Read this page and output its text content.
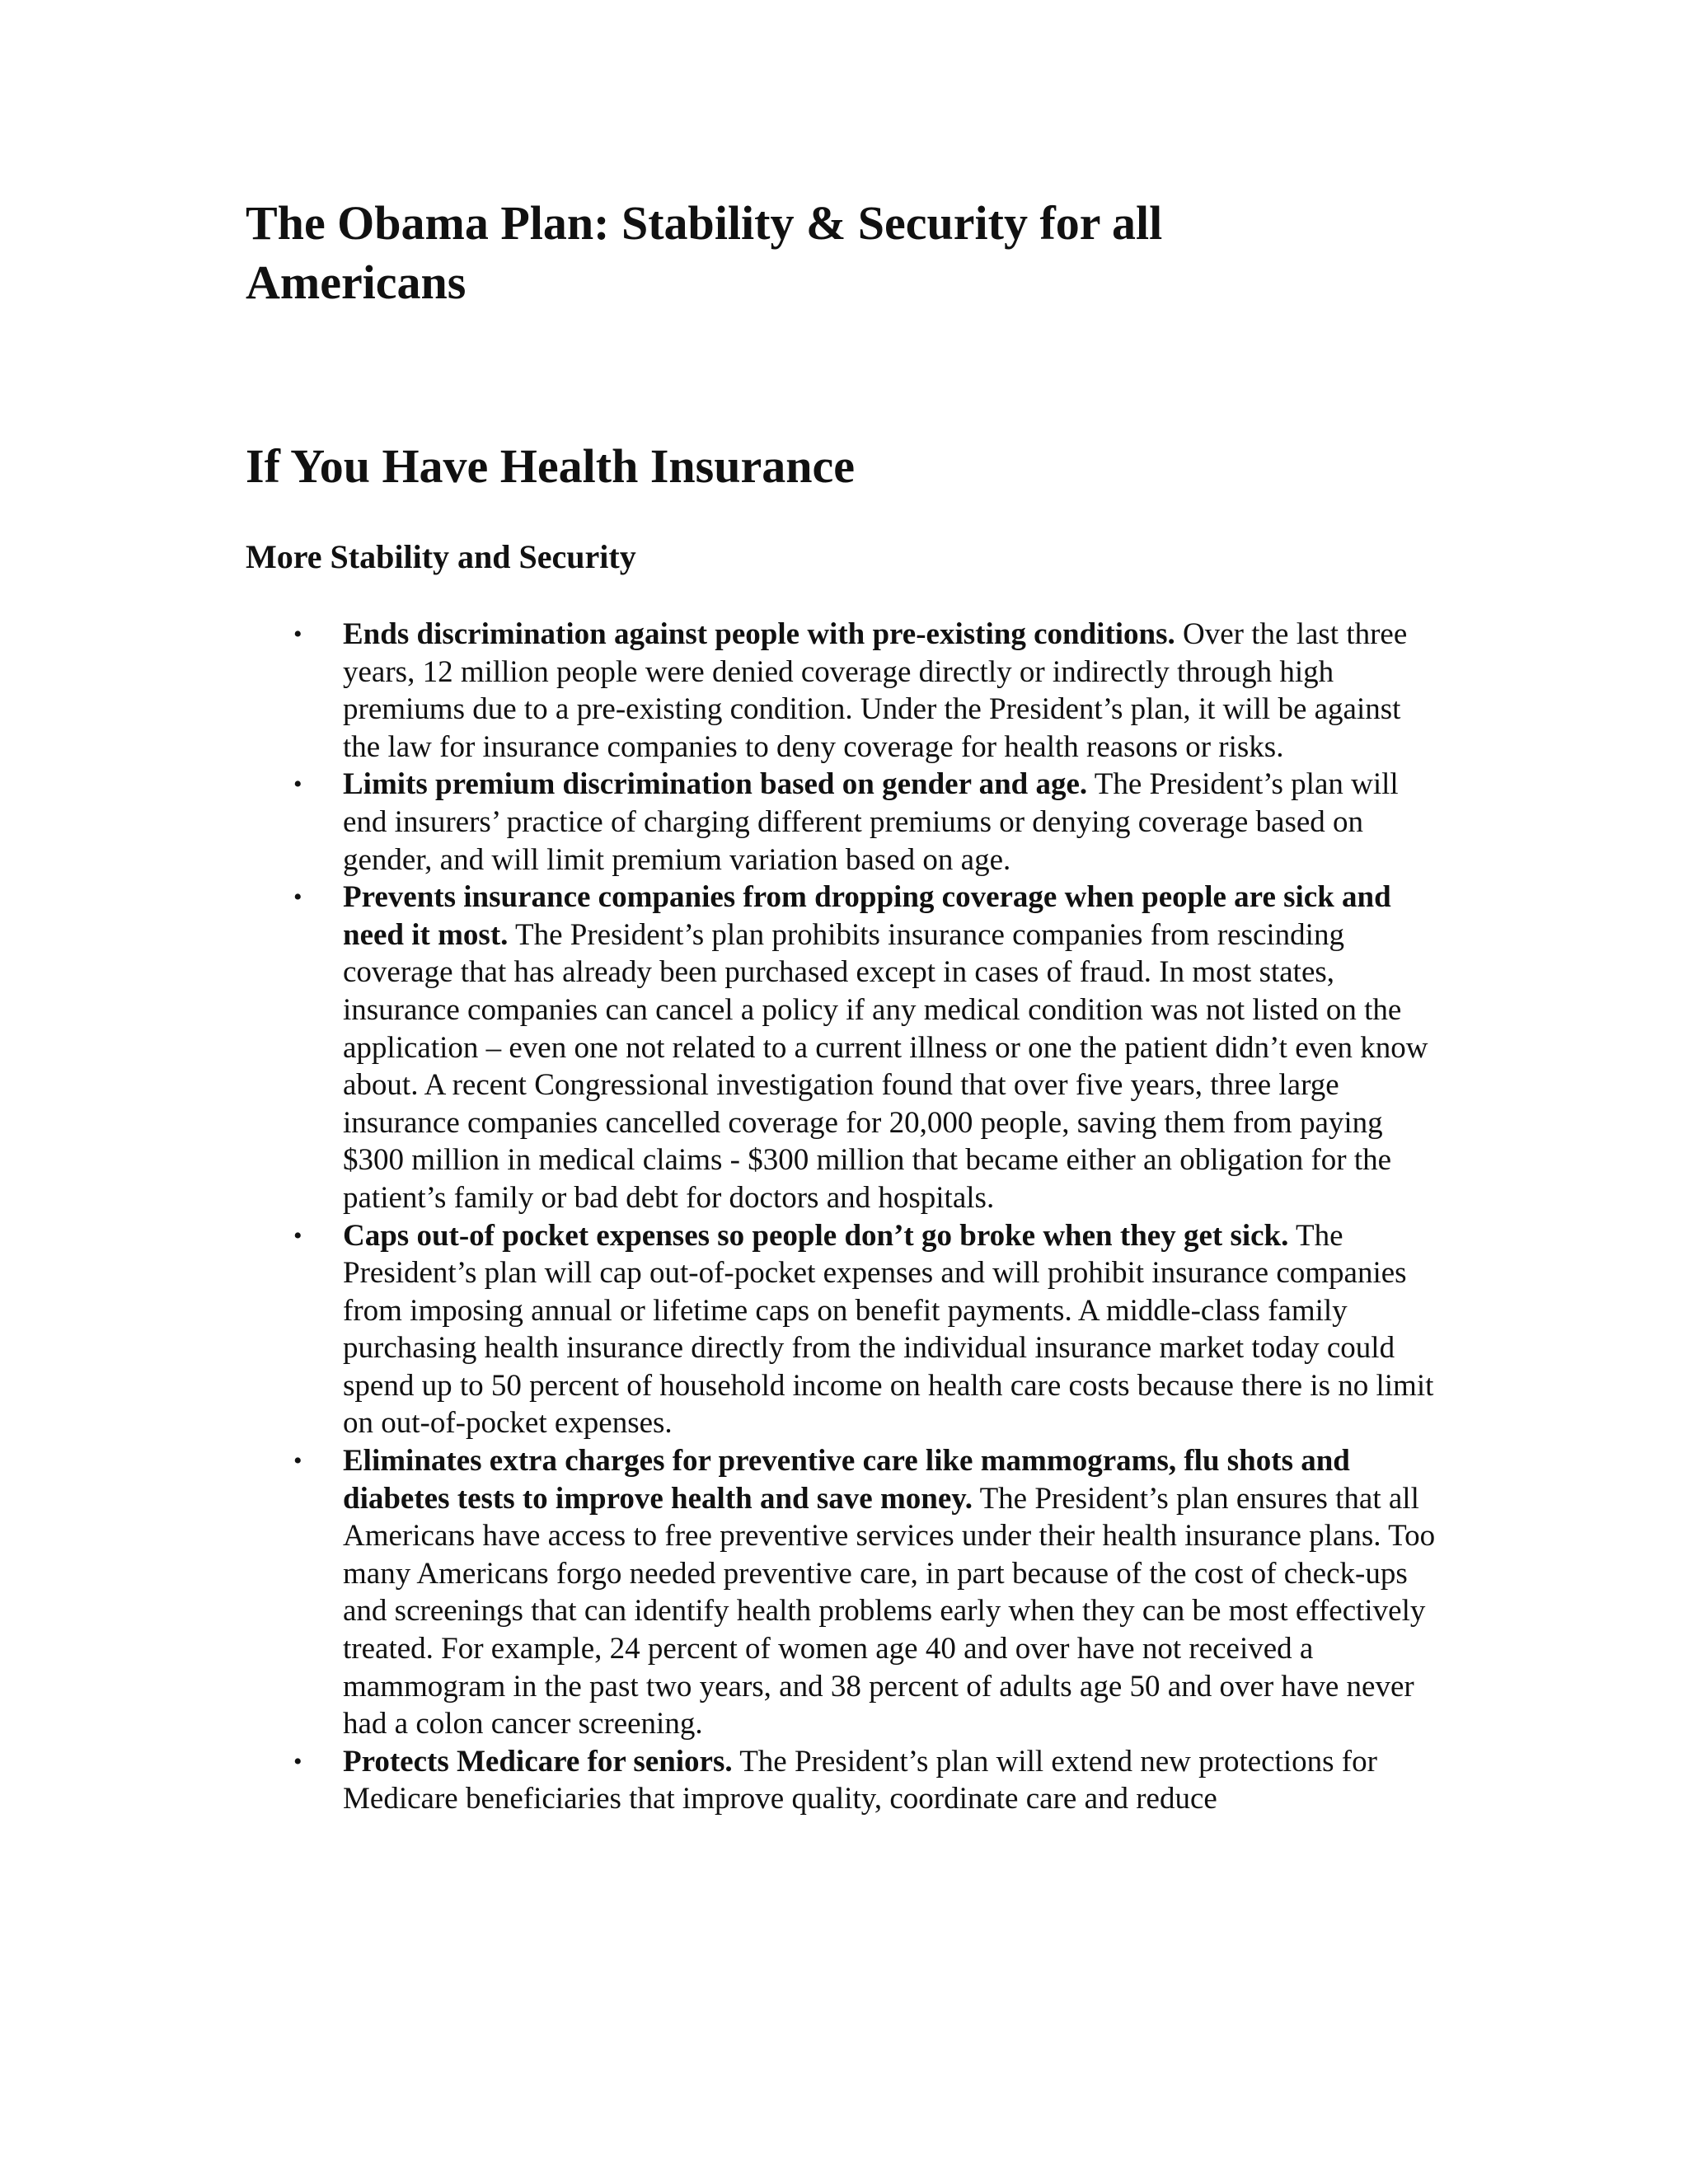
The Obama Plan: Stability & Security for all Americans
If You Have Health Insurance
More Stability and Security
• Ends discrimination against people with pre-existing conditions. Over the last three years, 12 million people were denied coverage directly or indirectly through high premiums due to a pre-existing condition. Under the President’s plan, it will be against the law for insurance companies to deny coverage for health reasons or risks.
• Limits premium discrimination based on gender and age. The President’s plan will end insurers’ practice of charging different premiums or denying coverage based on gender, and will limit premium variation based on age.
• Prevents insurance companies from dropping coverage when people are sick and need it most. The President’s plan prohibits insurance companies from rescinding coverage that has already been purchased except in cases of fraud. In most states, insurance companies can cancel a policy if any medical condition was not listed on the application – even one not related to a current illness or one the patient didn’t even know about. A recent Congressional investigation found that over five years, three large insurance companies cancelled coverage for 20,000 people, saving them from paying $300 million in medical claims - $300 million that became either an obligation for the patient’s family or bad debt for doctors and hospitals.
• Caps out-of pocket expenses so people don’t go broke when they get sick. The President’s plan will cap out-of-pocket expenses and will prohibit insurance companies from imposing annual or lifetime caps on benefit payments. A middle-class family purchasing health insurance directly from the individual insurance market today could spend up to 50 percent of household income on health care costs because there is no limit on out-of-pocket expenses.
• Eliminates extra charges for preventive care like mammograms, flu shots and diabetes tests to improve health and save money. The President’s plan ensures that all Americans have access to free preventive services under their health insurance plans. Too many Americans forgo needed preventive care, in part because of the cost of check-ups and screenings that can identify health problems early when they can be most effectively treated. For example, 24 percent of women age 40 and over have not received a mammogram in the past two years, and 38 percent of adults age 50 and over have never had a colon cancer screening.
• Protects Medicare for seniors. The President’s plan will extend new protections for Medicare beneficiaries that improve quality, coordinate care and reduce
